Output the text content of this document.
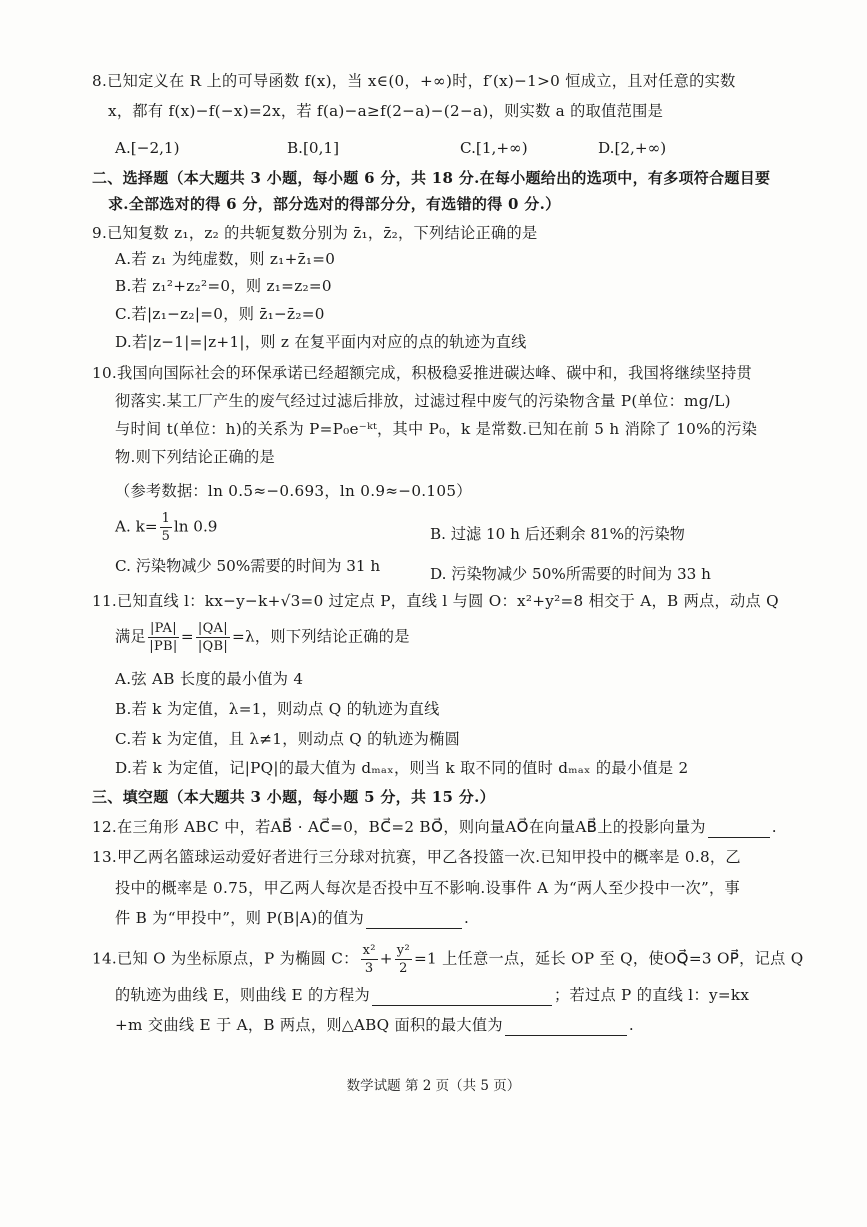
8.已知定义在 R 上的可导函数 f(x)，当 x∈(0，+∞)时，f′(x)−1>0 恒成立，且对任意的实数
x，都有 f(x)−f(−x)=2x，若 f(a)−a≥f(2−a)−(2−a)，则实数 a 的取值范围是
A.[−2,1)	B.[0,1]	C.[1,+∞)	D.[2,+∞)
二、选择题（本大题共 3 小题，每小题 6 分，共 18 分.在每小题给出的选项中，有多项符合题目要
求.全部选对的得 6 分，部分选对的得部分分，有选错的得 0 分.）
9.已知复数 z₁，z₂ 的共轭复数分别为 z̄₁，z̄₂，下列结论正确的是
A.若 z₁ 为纯虚数，则 z₁+z̄₁=0
B.若 z₁²+z₂²=0，则 z₁=z₂=0
C.若|z₁−z₂|=0，则 z̄₁−z̄₂=0
D.若|z−1|=|z+1|，则 z 在复平面内对应的点的轨迹为直线
10.我国向国际社会的环保承诺已经超额完成，积极稳妥推进碳达峰、碳中和，我国将继续坚持贯
彻落实.某工厂产生的废气经过过滤后排放，过滤过程中废气的污染物含量 P(单位：mg/L)
与时间 t(单位：h)的关系为 P=P₀e⁻ᵏᵗ，其中 P₀，k 是常数.已知在前 5 h 消除了 10%的污染
物.则下列结论正确的是
（参考数据：ln 0.5≈−0.693，ln 0.9≈−0.105）
A. $k= \frac{1}{5}$ ln 0.9	B. 过滤 10 h 后还剩余 81%的污染物
C. 污染物减少 50%需要的时间为 31 h	D. 污染物减少 50%所需要的时间为 33 h
11.已知直线 l：kx−y−k+√3=0 过定点 P，直线 l 与圆 O：x²+y²=8 相交于 A，B 两点，动点 Q
满足 $\frac{|PA|}{|PB|} = \frac{|QA|}{|QB|} =\lambda$，则下列结论正确的是
A.弦 AB 长度的最小值为 4
B.若 k 为定值，λ=1，则动点 Q 的轨迹为直线
C.若 k 为定值，且 λ≠1，则动点 Q 的轨迹为椭圆
D.若 k 为定值，记|PQ|的最大值为 dₘₐₓ，则当 k 取不同的值时 dₘₐₓ 的最小值是 2
三、填空题（本大题共 3 小题，每小题 5 分，共 15 分.）
12.在三角形 ABC 中，若AB⃗ · AC⃗=0，BC⃗=2 BO⃗，则向量AO⃗在向量AB⃗上的投影向量为	.
13.甲乙两名篮球运动爱好者进行三分球对抗赛，甲乙各投篮一次.已知甲投中的概率是 0.8，乙
投中的概率是 0.75，甲乙两人每次是否投中互不影响.设事件 A 为“两人至少投中一次”，事
件 B 为“甲投中”，则 P(B|A)的值为	.
14.已知 O 为坐标原点，P 为椭圆 C： $\frac{\text{x²}}{3} + \frac{\text{y²}}{2} =1$ 上任意一点，延长 OP 至 Q，使OQ⃗=3 OP⃗，记点 Q
的轨迹为曲线 E，则曲线 E 的方程为	；若过点 P 的直线 l：y=kx
+m 交曲线 E 于 A，B 两点，则△ABQ 面积的最大值为	.
数学试题 第 2 页（共 5 页）
